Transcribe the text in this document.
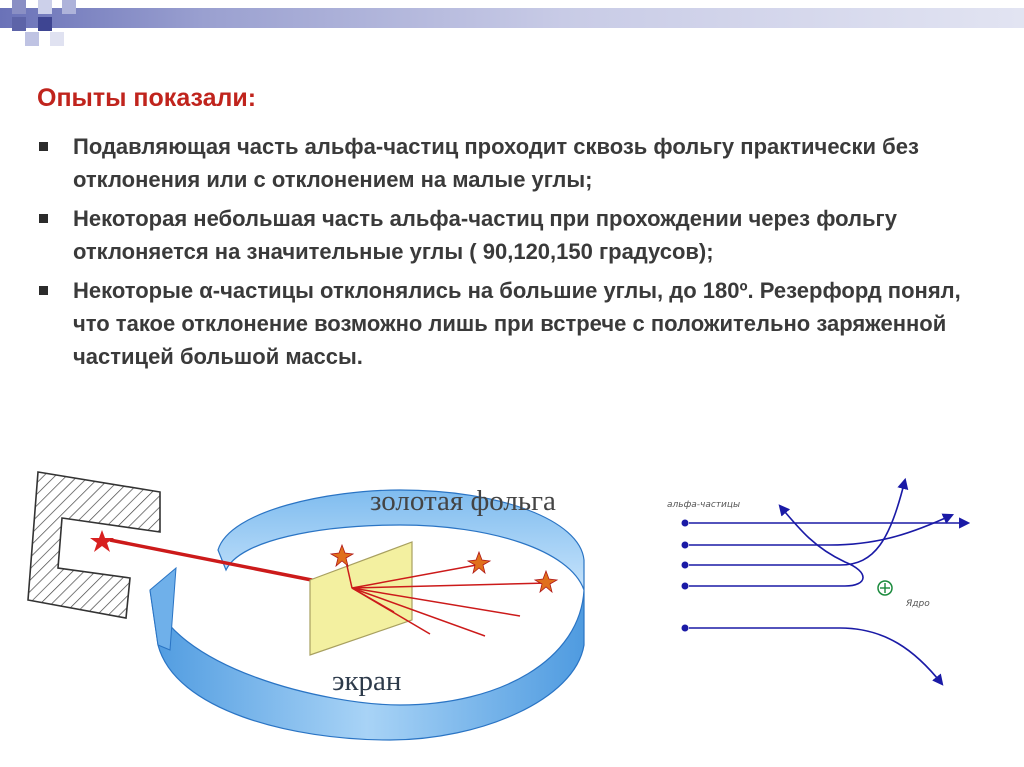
Опыты показали:
Подавляющая часть альфа-частиц проходит сквозь фольгу практически без отклонения или с отклонением на малые углы;
Некоторая небольшая часть альфа-частиц при прохождении через фольгу отклоняется на значительные углы ( 90,120,150 градусов);
Некоторые α-частицы отклонялись на большие углы, до 180º. Резерфорд понял, что такое отклонение возможно лишь при встрече с положительно заряженной частицей большой массы.
золотая фольга
экран
альфа-частицы
Ядро
